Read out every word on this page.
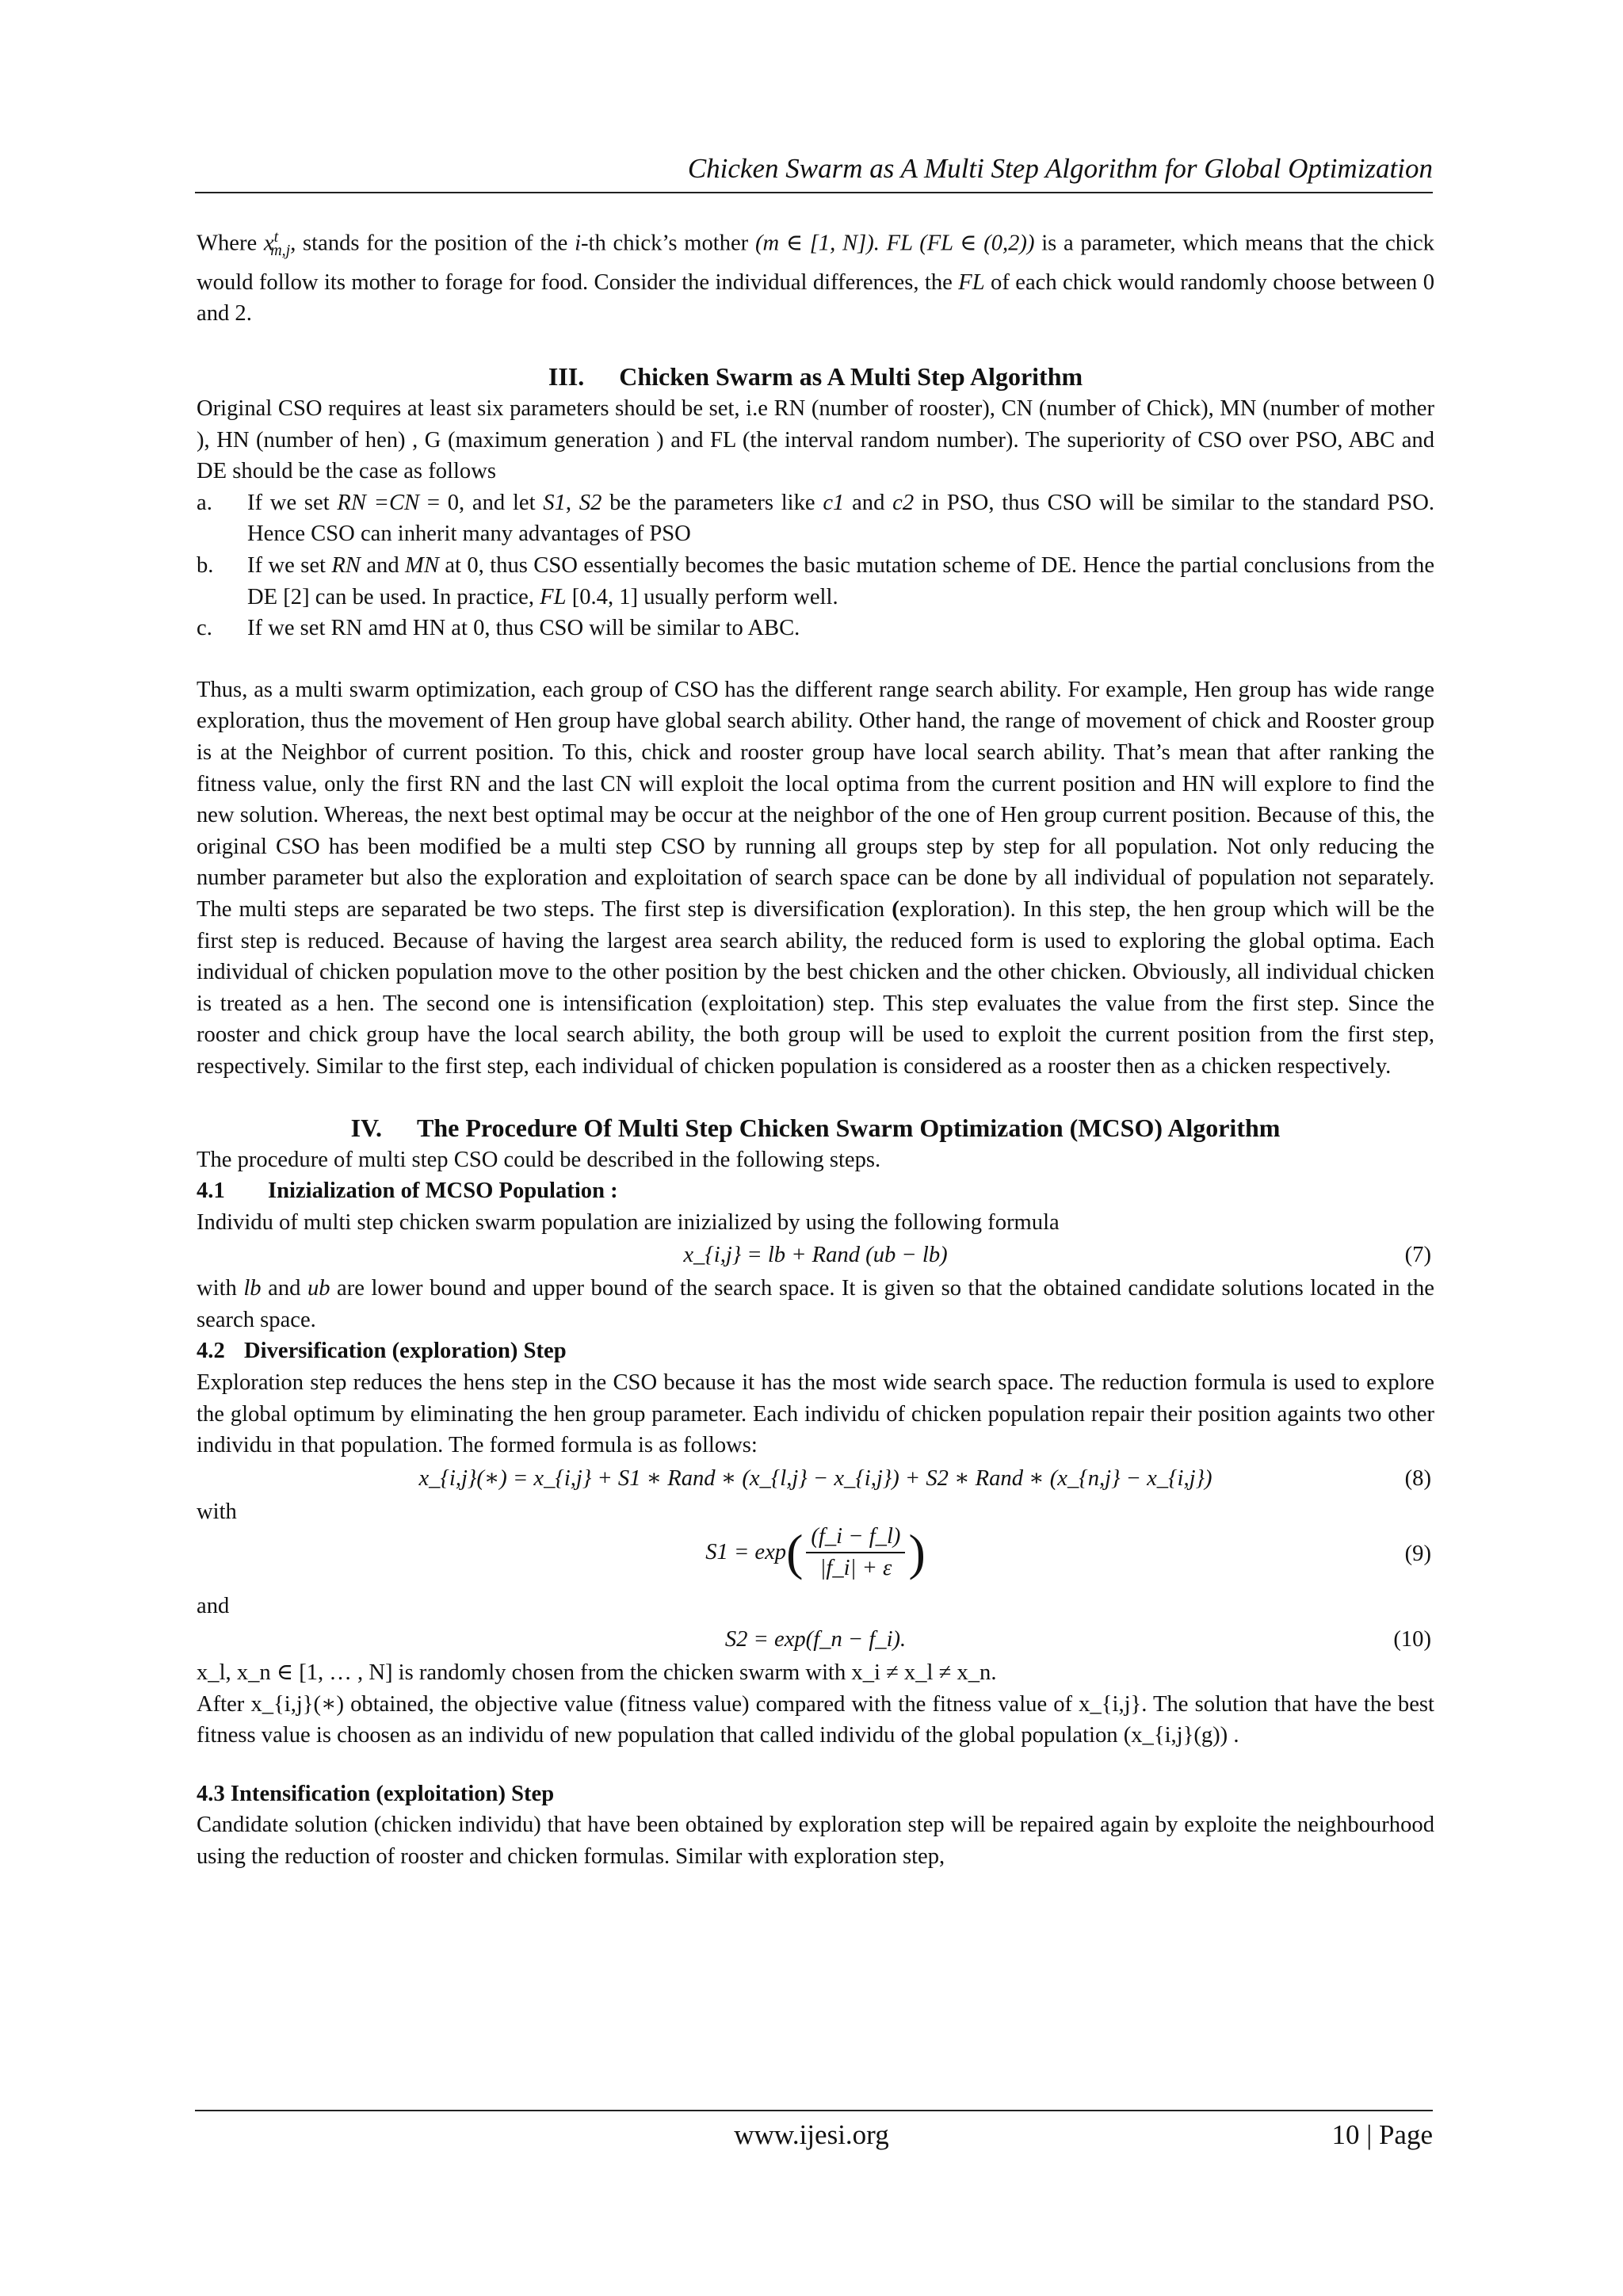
Chicken Swarm as A Multi Step Algorithm for Global Optimization

Where $x^t_{m,j}$, stands for the position of the i-th chick’s mother (m ∈ [1, N]). FL (FL ∈ (0,2)) is a parameter, which means that the chick would follow its mother to forage for food. Consider the individual differences, the FL of each chick would randomly choose between 0 and 2.

III. Chicken Swarm as A Multi Step Algorithm

Original CSO requires at least six parameters should be set, i.e RN (number of rooster), CN (number of Chick), MN (number of mother ), HN (number of hen) , G (maximum generation ) and FL (the interval random number). The superiority of CSO over PSO, ABC and DE should be the case as follows

a.	If we set RN =CN = 0, and let S1, S2 be the parameters like c1 and c2 in PSO, thus CSO will be similar to the standard PSO. Hence CSO can inherit many advantages of PSO
b.	If we set RN and MN at 0, thus CSO essentially becomes the basic mutation scheme of DE. Hence the partial conclusions from the DE [2] can be used. In practice, FL [0.4, 1] usually perform well.
c.	If we set RN amd HN at 0, thus CSO will be similar to ABC.

Thus, as a multi swarm optimization, each group of CSO has the different range search ability. For example, Hen group has wide range exploration, thus the movement of Hen group have global search ability. Other hand, the range of movement of chick and Rooster group is at the Neighbor of current position. To this, chick and rooster group have local search ability. That’s mean that after ranking the fitness value, only the first RN and the last CN will exploit the local optima from the current position and HN will explore to find the new solution. Whereas, the next best optimal may be occur at the neighbor of the one of Hen group current position. Because of this, the original CSO has been modified be a multi step CSO by running all groups step by step for all population. Not only reducing the number parameter but also the exploration and exploitation of search space can be done by all individual of population not separately. The multi steps are separated be two steps. The first step is diversification (exploration). In this step, the hen group which will be the first step is reduced. Because of having the largest area search ability, the reduced form is used to exploring the global optima. Each individual of chicken population move to the other position by the best chicken and the other chicken. Obviously, all individual chicken is treated as a hen. The second one is intensification (exploitation) step. This step evaluates the value from the first step. Since the rooster and chick group have the local search ability, the both group will be used to exploit the current position from the first step, respectively. Similar to the first step, each individual of chicken population is considered as a rooster then as a chicken respectively.

IV. The Procedure Of Multi Step Chicken Swarm Optimization (MCSO) Algorithm

The procedure of multi step CSO could be described in the following steps.

4.1 Inizialization of MCSO Population :

Individu of multi step chicken swarm population are inizialized by using the following formula

x_{i,j} = lb + Rand (ub − lb)	(7)

with lb and ub are lower bound and upper bound of the search space. It is given so that the obtained candidate solutions located in the search space.

4.2 Diversification (exploration) Step

Exploration step reduces the hens step in the CSO because it has the most wide search space. The reduction formula is used to explore the global optimum by eliminating the hen group parameter. Each individu of chicken population repair their position againts two other individu in that population. The formed formula is as follows:

x_{i,j}(∗) = x_{i,j} + S1 ∗ Rand ∗ (x_{l,j} − x_{i,j}) + S2 ∗ Rand ∗ (x_{n,j} − x_{i,j})	(8)

with

S1 = exp ( $\frac{(f\_i - f\_l)}{|f\_i| + \varepsilon}$ )	(9)

and

S2 = exp(f_n − f_i).	(10)

x_l, x_n ∈ [1, … , N] is randomly chosen from the chicken swarm with x_i ≠ x_l ≠ x_n.

After x_{i,j}(∗) obtained, the objective value (fitness value) compared with the fitness value of x_{i,j}. The solution that have the best fitness value is choosen as an individu of new population that called individu of the global population (x_{i,j}(g)) .

4.3 Intensification (exploitation) Step

Candidate solution (chicken individu) that have been obtained by exploration step will be repaired again by exploite the neighbourhood using the reduction of rooster and chicken formulas. Similar with exploration step,

www.ijesi.org	10 | Page
